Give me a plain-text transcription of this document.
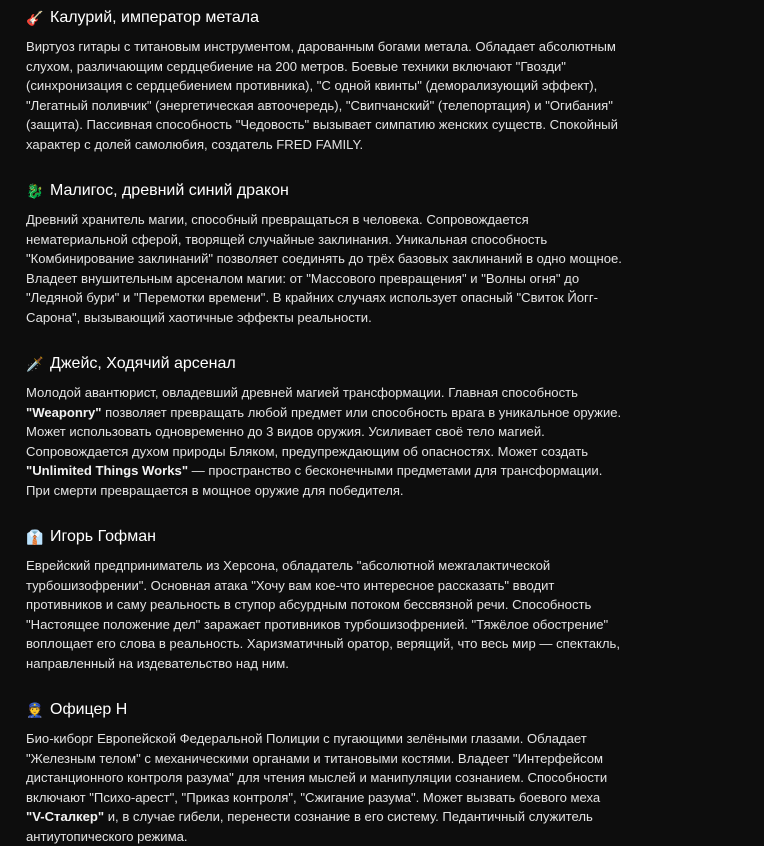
🎸 Калурий, император метала

Виртуоз гитары с титановым инструментом, дарованным богами метала. Обладает абсолютным слухом, различающим сердцебиение на 200 метров. Боевые техники включают "Гвозди" (синхронизация с сердцебиением противника), "С одной квинты" (деморализующий эффект), "Легатный поливчик" (энергетическая автоочередь), "Свипчанский" (телепортация) и "Огибания" (защита). Пассивная способность "Чедовость" вызывает симпатию женских существ. Спокойный характер с долей самолюбия, создатель FRED FAMILY.

🐉 Малигос, древний синий дракон

Древний хранитель магии, способный превращаться в человека. Сопровождается нематериальной сферой, творящей случайные заклинания. Уникальная способность "Комбинирование заклинаний" позволяет соединять до трёх базовых заклинаний в одно мощное. Владеет внушительным арсеналом магии: от "Массового превращения" и "Волны огня" до "Ледяной бури" и "Перемотки времени". В крайних случаях использует опасный "Свиток Йогг-Сарона", вызывающий хаотичные эффекты реальности.

🗡️ Джейс, Ходячий арсенал

Молодой авантюрист, овладевший древней магией трансформации. Главная способность "Weaponry" позволяет превращать любой предмет или способность врага в уникальное оружие. Может использовать одновременно до 3 видов оружия. Усиливает своё тело магией. Сопровождается духом природы Бляком, предупреждающим об опасностях. Может создать "Unlimited Things Works" — пространство с бесконечными предметами для трансформации. При смерти превращается в мощное оружие для победителя.

👔 Игорь Гофман

Еврейский предприниматель из Херсона, обладатель "абсолютной межгалактической турбошизофрении". Основная атака "Хочу вам кое-что интересное рассказать" вводит противников и саму реальность в ступор абсурдным потоком бессвязной речи. Способность "Настоящее положение дел" заражает противников турбошизофренией. "Тяжёлое обострение" воплощает его слова в реальность. Харизматичный оратор, верящий, что весь мир — спектакль, направленный на издевательство над ним.

👮 Офицер Н

Био-киборг Европейской Федеральной Полиции с пугающими зелёными глазами. Обладает "Железным телом" с механическими органами и титановыми костями. Владеет "Интерфейсом дистанционного контроля разума" для чтения мыслей и манипуляции сознанием. Способности включают "Психо-арест", "Приказ контроля", "Сжигание разума". Может вызвать боевого меха "V-Сталкер" и, в случае гибели, перенести сознание в его систему. Педантичный служитель антиутопического режима.
